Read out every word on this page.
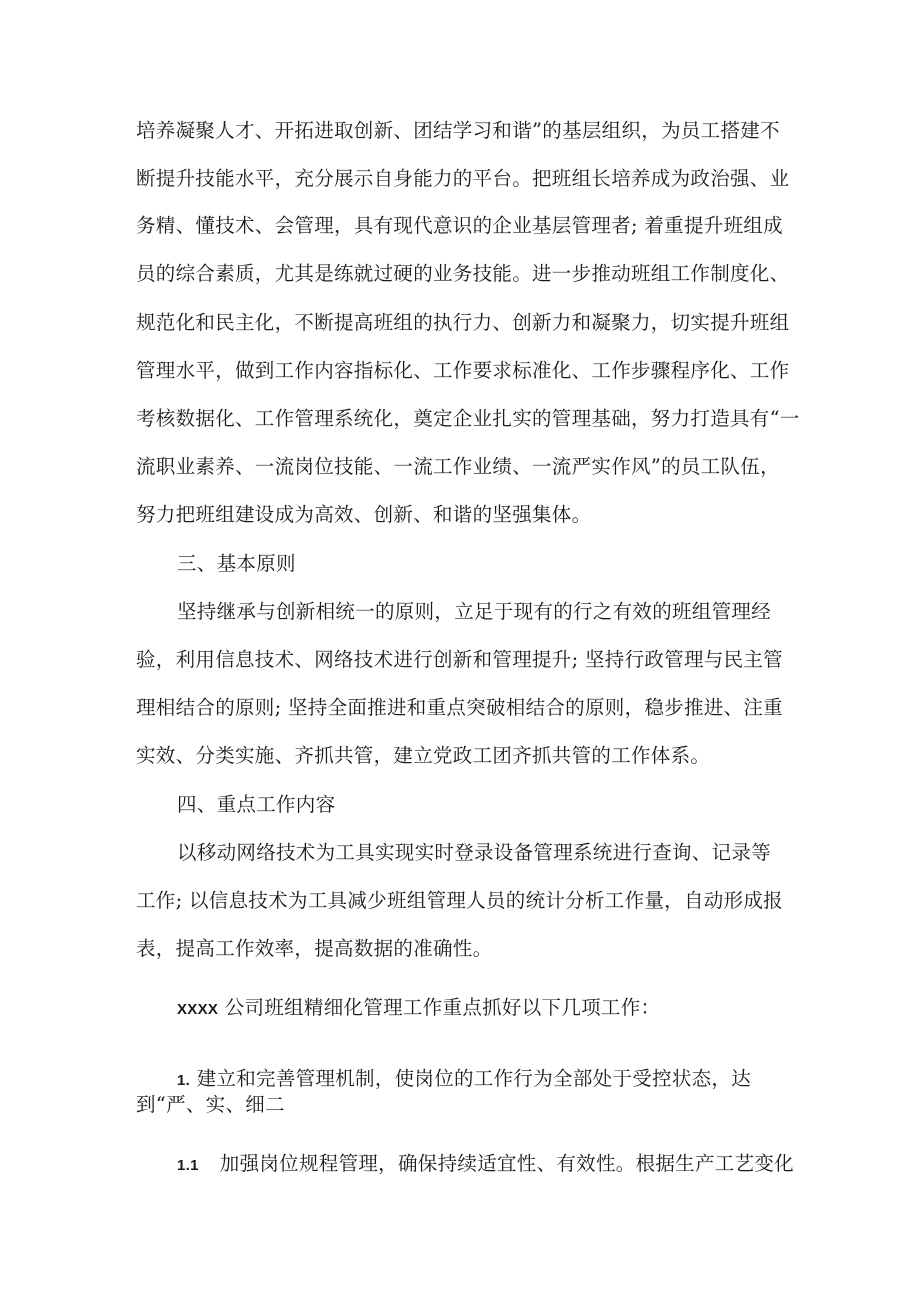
培养凝聚人才、开拓进取创新、团结学习和谐”的基层组织，为员工搭建不
断提升技能水平，充分展示自身能力的平台。把班组长培养成为政治强、业
务精、懂技术、会管理，具有现代意识的企业基层管理者; 着重提升班组成
员的综合素质，尤其是练就过硬的业务技能。进一步推动班组工作制度化、
规范化和民主化，不断提高班组的执行力、创新力和凝聚力，切实提升班组
管理水平，做到工作内容指标化、工作要求标准化、工作步骤程序化、工作
考核数据化、工作管理系统化，奠定企业扎实的管理基础，努力打造具有“一
流职业素养、一流岗位技能、一流工作业绩、一流严实作风”的员工队伍，
努力把班组建设成为高效、创新、和谐的坚强集体。
三、基本原则
坚持继承与创新相统一的原则，立足于现有的行之有效的班组管理经
验，利用信息技术、网络技术进行创新和管理提升; 坚持行政管理与民主管
理相结合的原则; 坚持全面推进和重点突破相结合的原则，稳步推进、注重
实效、分类实施、齐抓共管，建立党政工团齐抓共管的工作体系。
四、重点工作内容
以移动网络技术为工具实现实时登录设备管理系统进行查询、记录等
工作; 以信息技术为工具减少班组管理人员的统计分析工作量，自动形成报
表，提高工作效率，提高数据的准确性。
XXXX 公司班组精细化管理工作重点抓好以下几项工作：
1. 建立和完善管理机制，使岗位的工作行为全部处于受控状态，达
到“严、实、细二
1.1 加强岗位规程管理，确保持续适宜性、有效性。根据生产工艺变化
